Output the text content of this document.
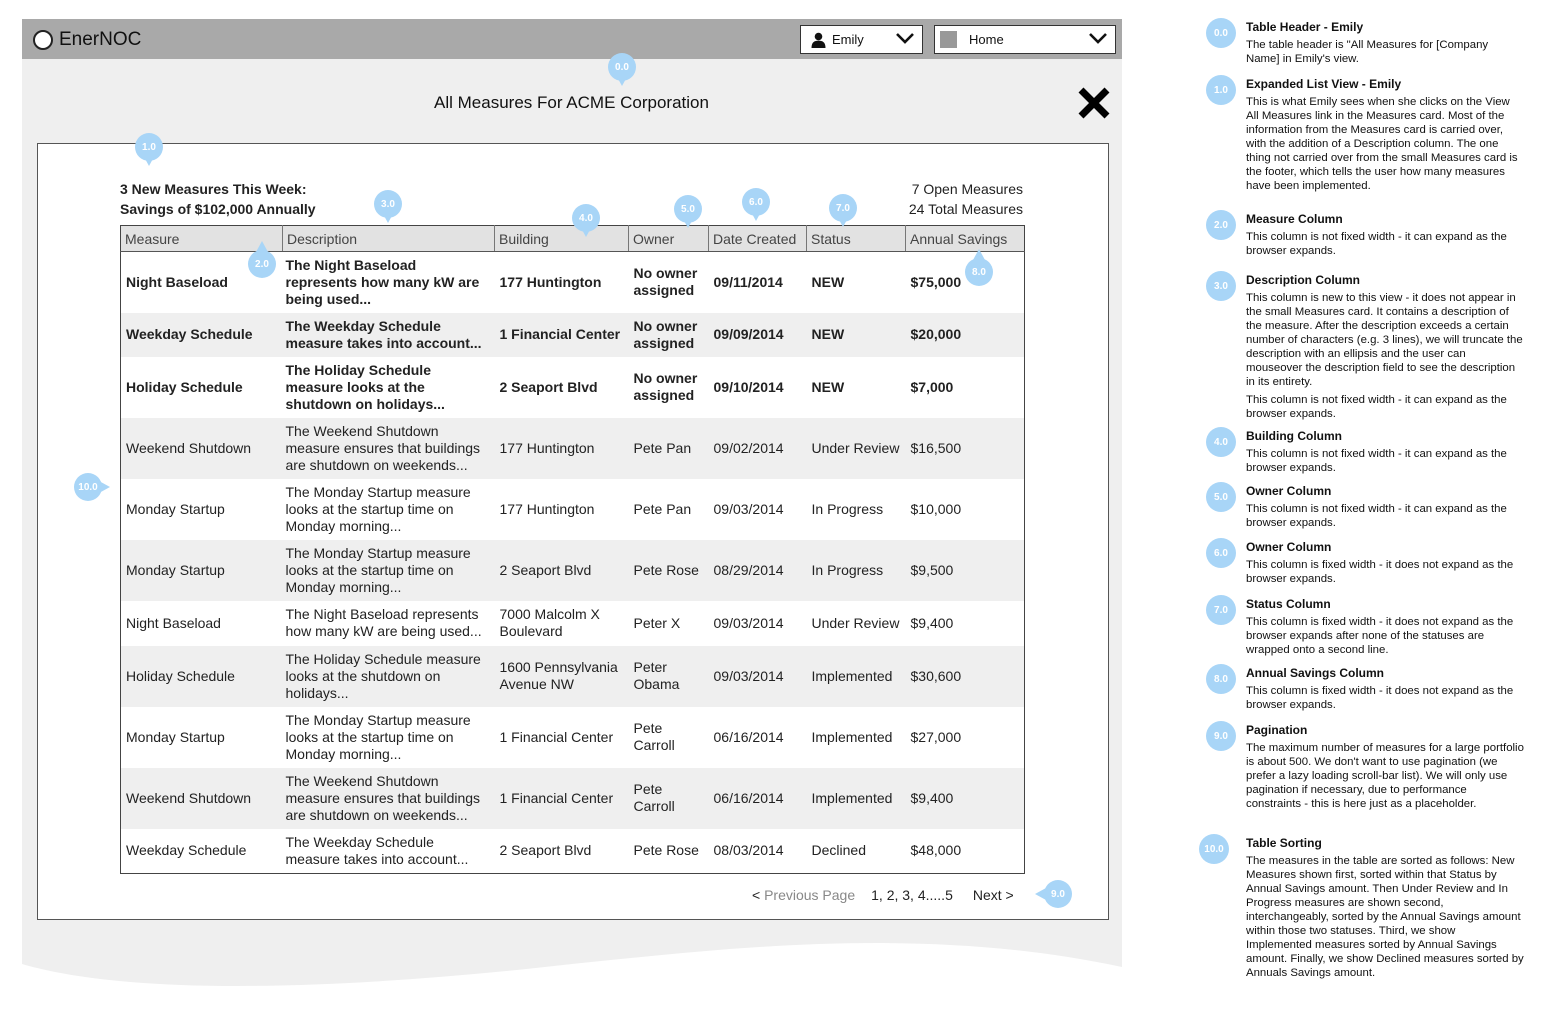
EnerNOC	Emily	Home
All Measures For ACME Corporation
3 New Measures This Week:
Savings of $102,000 Annually
7 Open Measures
24 Total Measures
Measure	Description	Building	Owner	Date Created	Status	Annual Savings
Night Baseload	The Night Baseload represents how many kW are being used...	177 Huntington	No owner assigned	09/11/2014	NEW	$75,000
Weekday Schedule	The Weekday Schedule measure takes into account...	1 Financial Center	No owner assigned	09/09/2014	NEW	$20,000
Holiday Schedule	The Holiday Schedule measure looks at the shutdown on holidays...	2 Seaport Blvd	No owner assigned	09/10/2014	NEW	$7,000
Weekend Shutdown	The Weekend Shutdown measure ensures that buildings are shutdown on weekends...	177 Huntington	Pete Pan	09/02/2014	Under Review	$16,500
Monday Startup	The Monday Startup measure looks at the startup time on Monday morning...	177 Huntington	Pete Pan	09/03/2014	In Progress	$10,000
Monday Startup	The Monday Startup measure looks at the startup time on Monday morning...	2 Seaport Blvd	Pete Rose	08/29/2014	In Progress	$9,500
Night Baseload	The Night Baseload represents how many kW are being used...	7000 Malcolm X Boulevard	Peter X	09/03/2014	Under Review	$9,400
Holiday Schedule	The Holiday Schedule measure looks at the shutdown on holidays...	1600 Pennsylvania Avenue NW	Peter Obama	09/03/2014	Implemented	$30,600
Monday Startup	The Monday Startup measure looks at the startup time on Monday morning...	1 Financial Center	Pete Carroll	06/16/2014	Implemented	$27,000
Weekend Shutdown	The Weekend Shutdown measure ensures that buildings are shutdown on weekends...	1 Financial Center	Pete Carroll	06/16/2014	Implemented	$9,400
Weekday Schedule	The Weekday Schedule measure takes into account...	2 Seaport Blvd	Pete Rose	08/03/2014	Declined	$48,000
< Previous Page 1, 2, 3, 4.....5 Next >
0.0
1.0
2.0
3.0
4.0
5.0
6.0
7.0
8.0
9.0
10.0
0.0	Table Header - Emily

The table header is "All Measures for [Company Name] in Emily's view.

1.0	Expanded List View - Emily

This is what Emily sees when she clicks on the View All Measures link in the Measures card. Most of the information from the Measures card is carried over, with the addition of a Description column. The one thing not carried over from the small Measures card is the footer, which tells the user how many measures have been implemented.

2.0	Measure Column

This column is not fixed width - it can expand as the browser expands.

3.0	Description Column

This column is new to this view - it does not appear in the small Measures card. It contains a description of the measure. After the description exceeds a certain number of characters (e.g. 3 lines), we will truncate the description with an ellipsis and the user can mouseover the description field to see the description in its entirety.

This column is not fixed width - it can expand as the browser expands.

4.0	Building Column

This column is not fixed width - it can expand as the browser expands.

5.0	Owner Column

This column is not fixed width - it can expand as the browser expands.

6.0	Owner Column

This column is fixed width - it does not expand as the browser expands.

7.0	Status Column

This column is fixed width - it does not expand as the browser expands after none of the statuses are wrapped onto a second line.

8.0	Annual Savings Column

This column is fixed width - it does not expand as the browser expands.

9.0	Pagination

The maximum number of measures for a large portfolio is about 500. We don't want to use pagination (we prefer a lazy loading scroll-bar list). We will only use pagination if necessary, due to performance constraints - this is here just as a placeholder.

10.0	Table Sorting

The measures in the table are sorted as follows: New Measures shown first, sorted within that Status by Annual Savings amount. Then Under Review and In Progress measures are shown second, interchangeably, sorted by the Annual Savings amount within those two statuses. Third, we show Implemented measures sorted by Annual Savings amount. Finally, we show Declined measures sorted by Annuals Savings amount.
